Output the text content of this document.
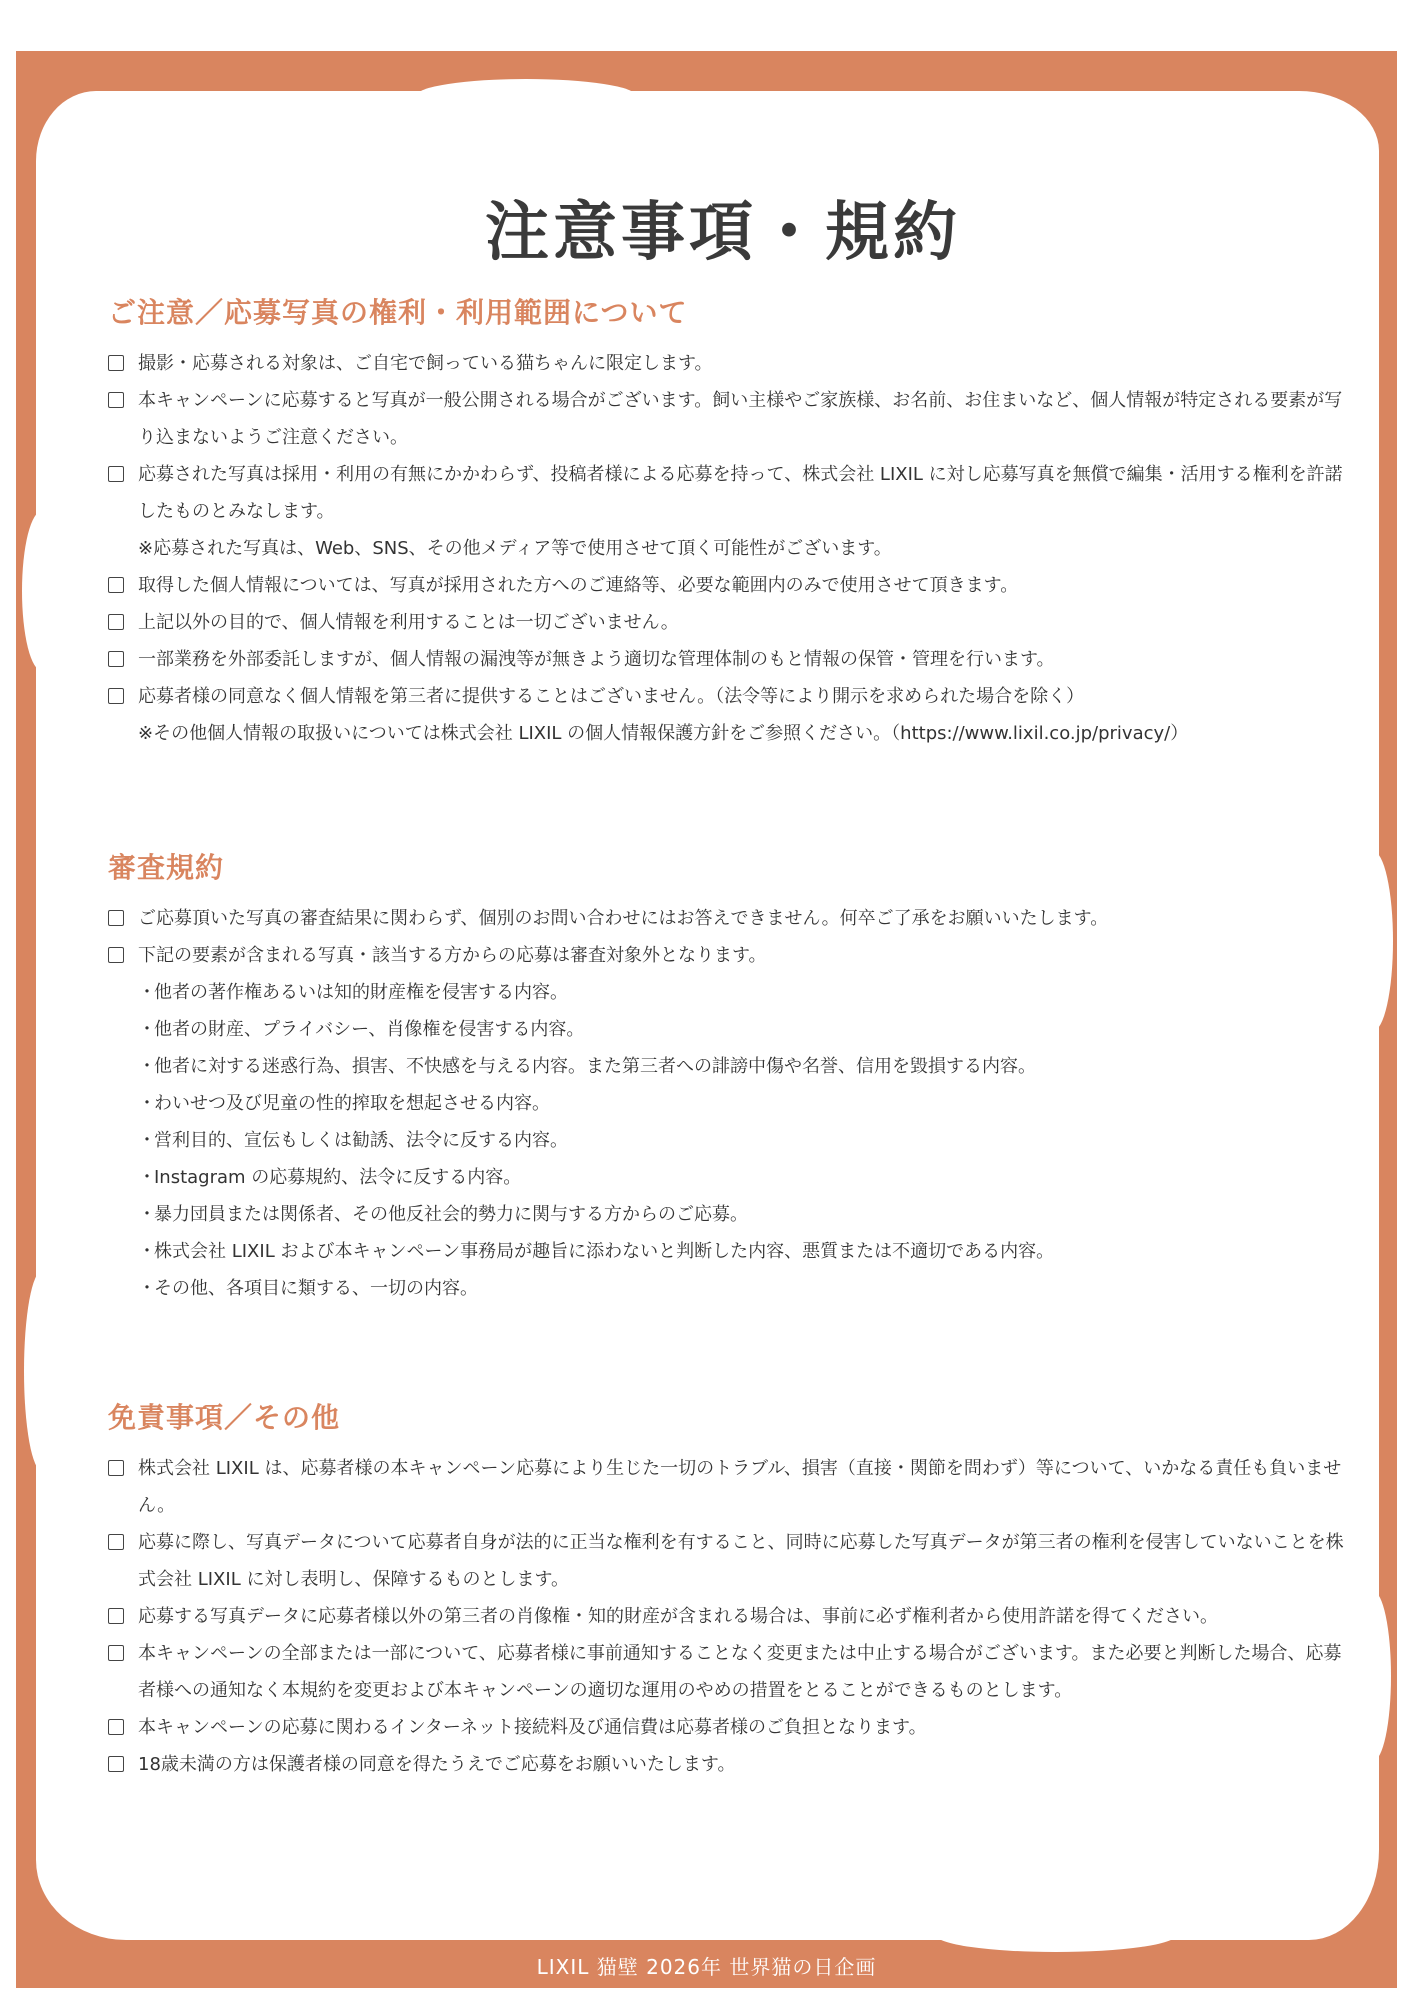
注意事項・規約
ご注意／応募写真の権利・利用範囲について
撮影・応募される対象は、ご自宅で飼っている猫ちゃんに限定します。
本キャンペーンに応募すると写真が一般公開される場合がございます。飼い主様やご家族様、お名前、お住まいなど、個人情報が特定される要素が写り込まないようご注意ください。
応募された写真は採用・利用の有無にかかわらず、投稿者様による応募を持って、株式会社 LIXIL に対し応募写真を無償で編集・活用する権利を許諾したものとみなします。
※応募された写真は、Web、SNS、その他メディア等で使用させて頂く可能性がございます。
取得した個人情報については、写真が採用された方へのご連絡等、必要な範囲内のみで使用させて頂きます。
上記以外の目的で、個人情報を利用することは一切ございません。
一部業務を外部委託しますが、個人情報の漏洩等が無きよう適切な管理体制のもと情報の保管・管理を行います。
応募者様の同意なく個人情報を第三者に提供することはございません。（法令等により開示を求められた場合を除く）
※その他個人情報の取扱いについては株式会社 LIXIL の個人情報保護方針をご参照ください。（https://www.lixil.co.jp/privacy/）
審査規約
ご応募頂いた写真の審査結果に関わらず、個別のお問い合わせにはお答えできません。何卒ご了承をお願いいたします。
下記の要素が含まれる写真・該当する方からの応募は審査対象外となります。
・
他者の著作権あるいは知的財産権を侵害する内容。
・
他者の財産、プライバシー、肖像権を侵害する内容。
・
他者に対する迷惑行為、損害、不快感を与える内容。また第三者への誹謗中傷や名誉、信用を毀損する内容。
・
わいせつ及び児童の性的搾取を想起させる内容。
・
営利目的、宣伝もしくは勧誘、法令に反する内容。
・
Instagram の応募規約、法令に反する内容。
・
暴力団員または関係者、その他反社会的勢力に関与する方からのご応募。
・
株式会社 LIXIL および本キャンペーン事務局が趣旨に添わないと判断した内容、悪質または不適切である内容。
・
その他、各項目に類する、一切の内容。
免責事項／その他
株式会社 LIXIL は、応募者様の本キャンペーン応募により生じた一切のトラブル、損害（直接・関節を問わず）等について、いかなる責任も負いません。
応募に際し、写真データについて応募者自身が法的に正当な権利を有すること、同時に応募した写真データが第三者の権利を侵害していないことを株式会社 LIXIL に対し表明し、保障するものとします。
応募する写真データに応募者様以外の第三者の肖像権・知的財産が含まれる場合は、事前に必ず権利者から使用許諾を得てください。
本キャンペーンの全部または一部について、応募者様に事前通知することなく変更または中止する場合がございます。また必要と判断した場合、応募者様への通知なく本規約を変更および本キャンペーンの適切な運用のやめの措置をとることができるものとします。
本キャンペーンの応募に関わるインターネット接続料及び通信費は応募者様のご負担となります。
18歳未満の方は保護者様の同意を得たうえでご応募をお願いいたします。
LIXIL 猫壁 2026年 世界猫の日企画
